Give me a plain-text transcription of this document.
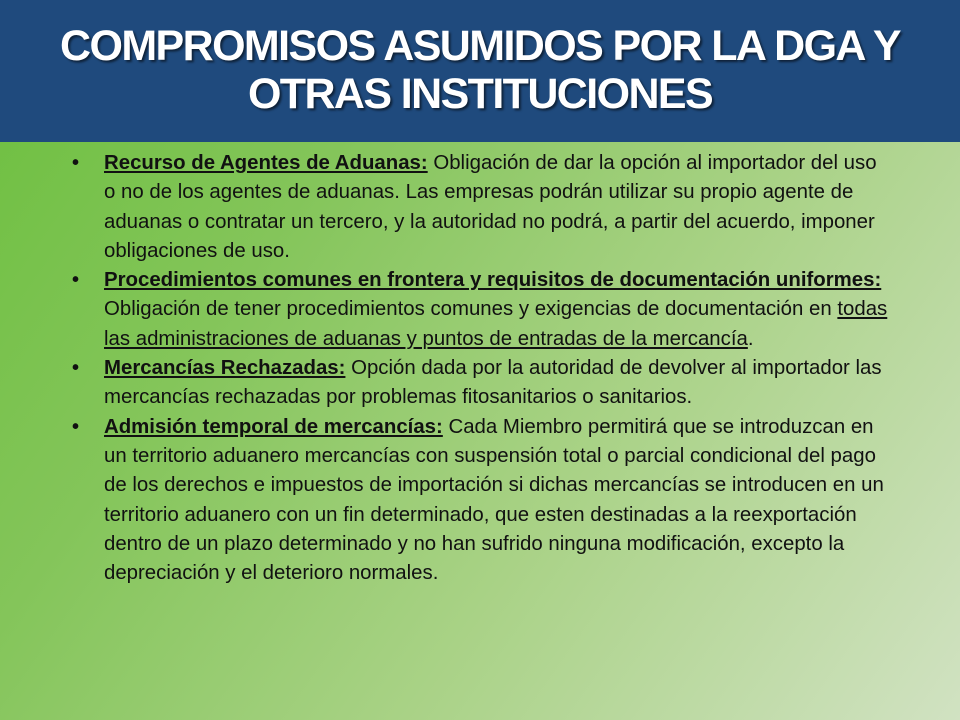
COMPROMISOS ASUMIDOS POR LA DGA Y
OTRAS INSTITUCIONES
• Recurso de Agentes de Aduanas: Obligación de dar la opción al importador del uso o no de los agentes de aduanas. Las empresas podrán utilizar su propio agente de aduanas o contratar un tercero, y la autoridad no podrá, a partir del acuerdo, imponer obligaciones de uso.
• Procedimientos comunes en frontera y requisitos de documentación uniformes: Obligación de tener procedimientos comunes y exigencias de documentación en todas las administraciones de aduanas y puntos de entradas de la mercancía.
• Mercancías Rechazadas: Opción dada por la autoridad de devolver al importador las mercancías rechazadas por problemas fitosanitarios o sanitarios.
• Admisión temporal de mercancías: Cada Miembro permitirá que se introduzcan en un territorio aduanero mercancías con suspensión total o parcial condicional del pago de los derechos e impuestos de importación si dichas mercancías se introducen en un territorio aduanero con un fin determinado, que esten destinadas a la reexportación dentro de un plazo determinado y no han sufrido ninguna modificación, excepto la depreciación y el deterioro normales.
